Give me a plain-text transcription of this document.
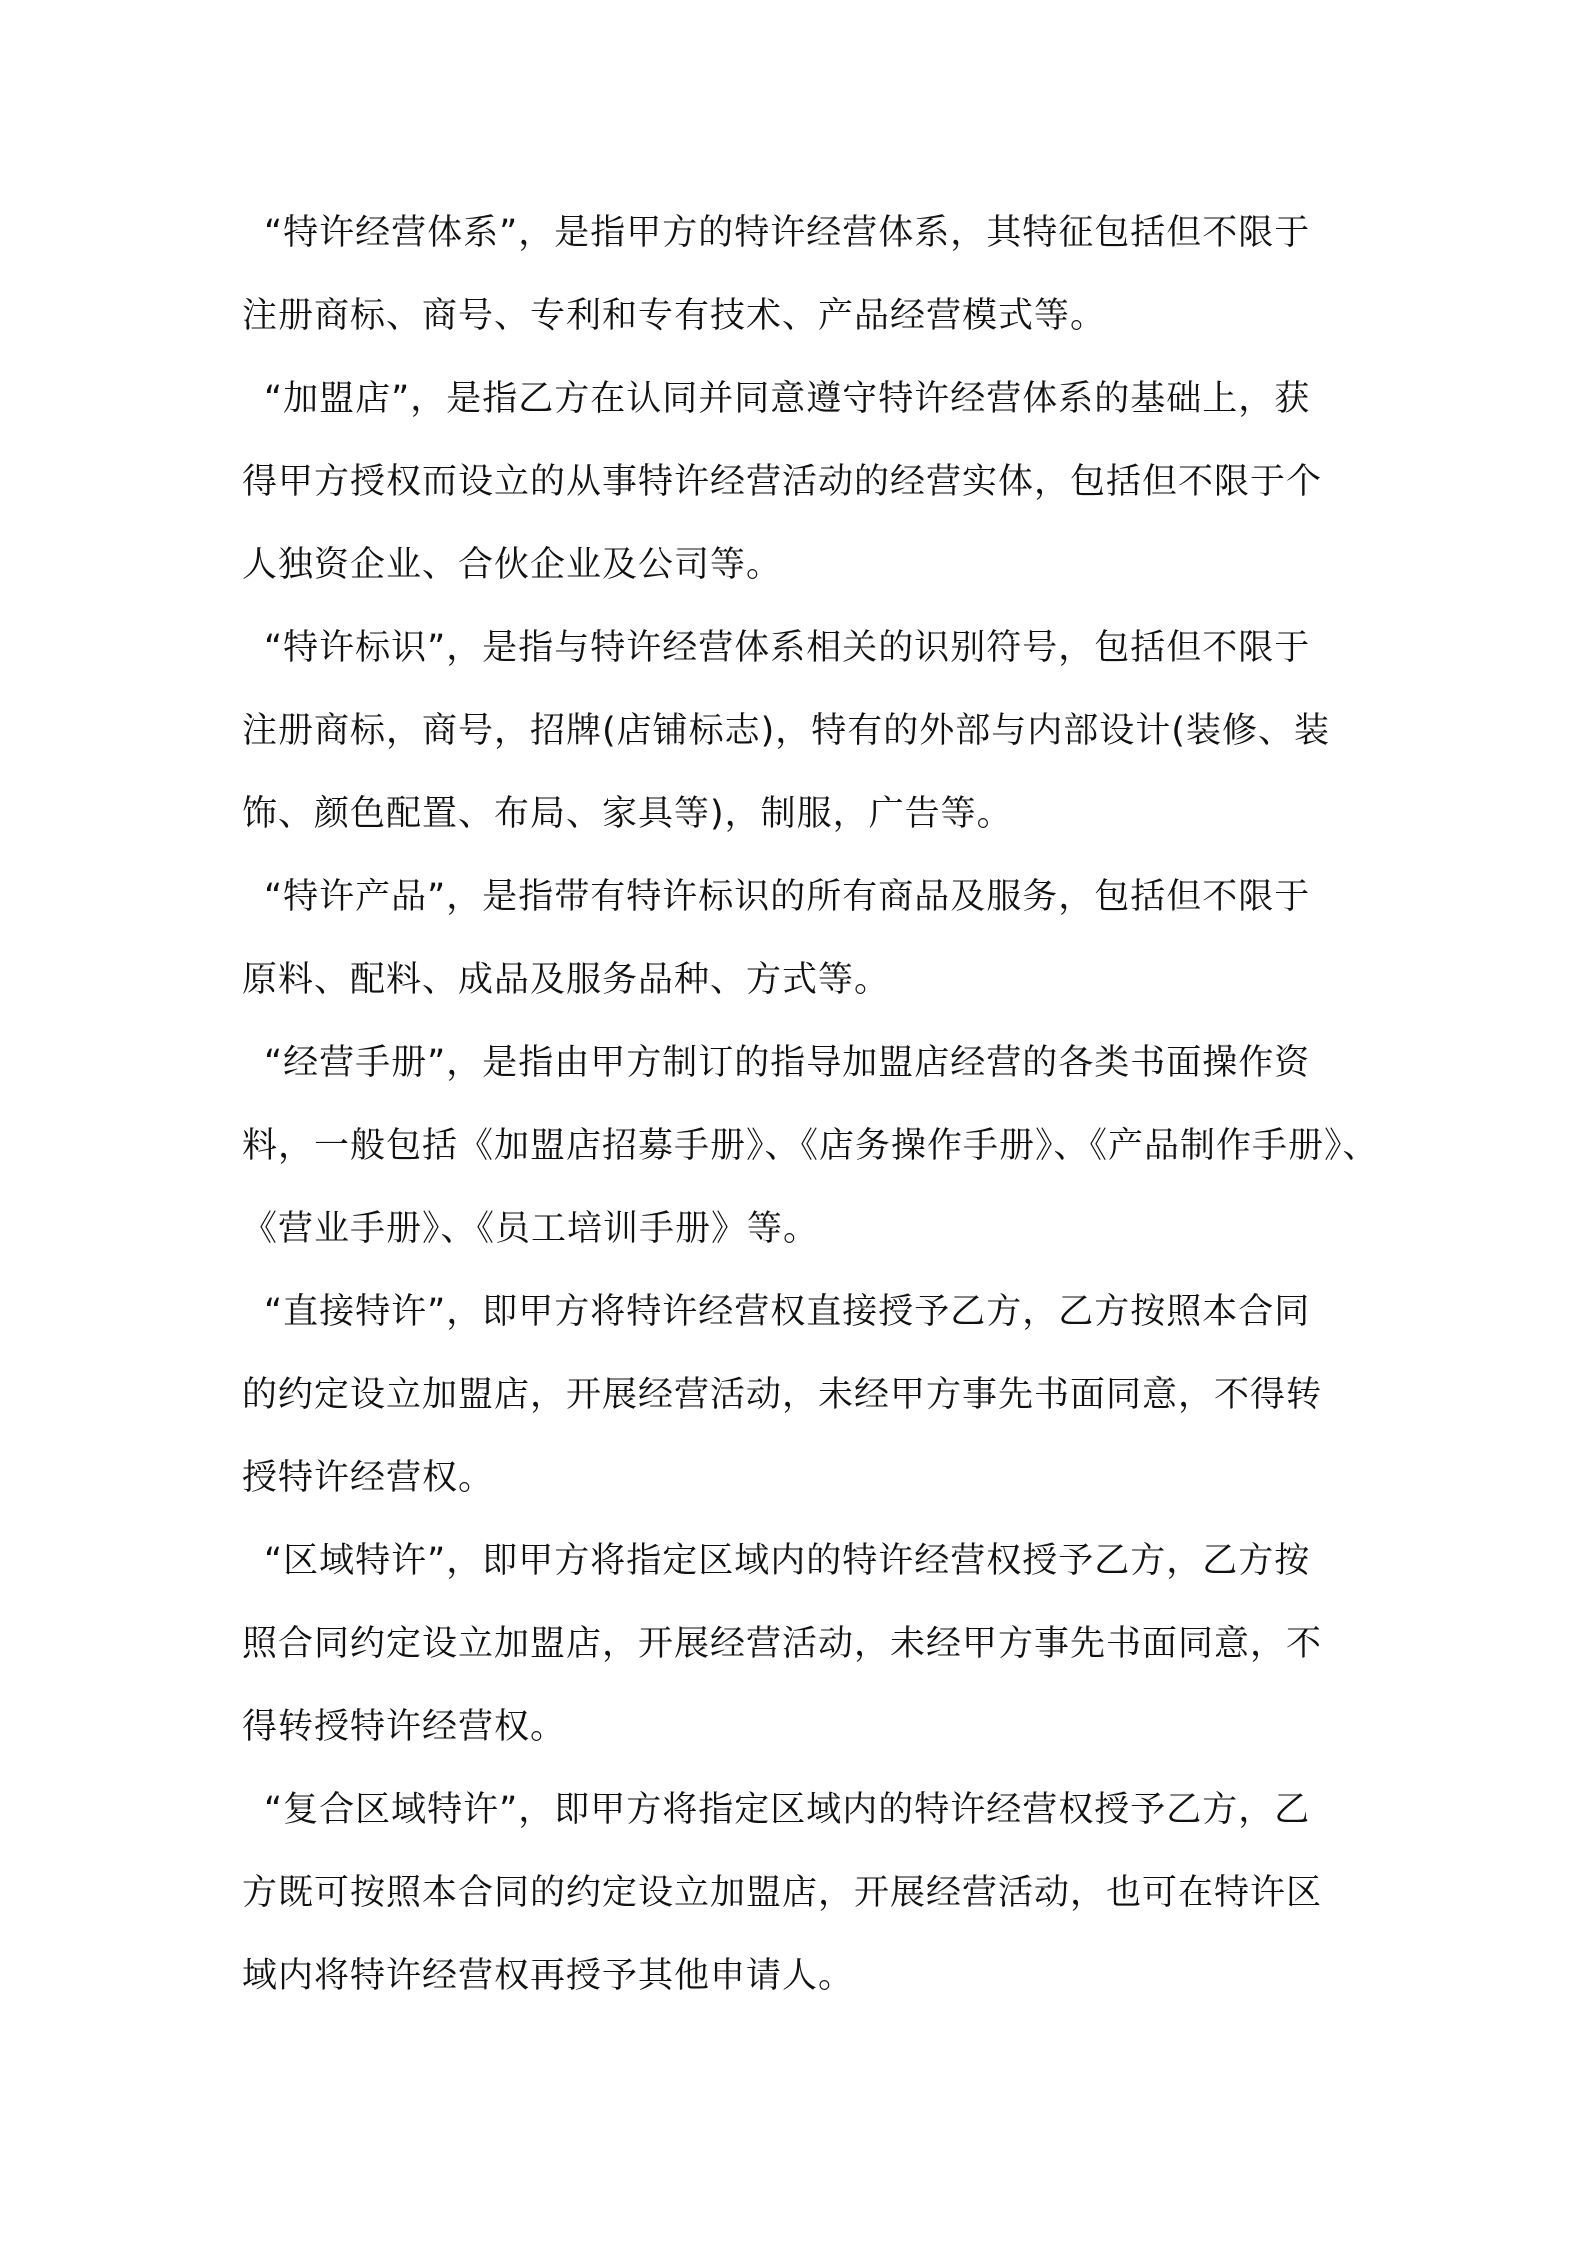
“特许经营体系”，是指甲方的特许经营体系，其特征包括但不限于
注册商标、商号、专利和专有技术、产品经营模式等。

“加盟店”，是指乙方在认同并同意遵守特许经营体系的基础上，获
得甲方授权而设立的从事特许经营活动的经营实体，包括但不限于个
人独资企业、合伙企业及公司等。

“特许标识”，是指与特许经营体系相关的识别符号，包括但不限于
注册商标，商号，招牌(店铺标志)，特有的外部与内部设计(装修、装
饰、颜色配置、布局、家具等)，制服，广告等。

“特许产品”，是指带有特许标识的所有商品及服务，包括但不限于
原料、配料、成品及服务品种、方式等。

“经营手册”，是指由甲方制订的指导加盟店经营的各类书面操作资
料，一般包括《加盟店招募手册》、《店务操作手册》、《产品制作手册》、
《营业手册》、《员工培训手册》等。

“直接特许”，即甲方将特许经营权直接授予乙方，乙方按照本合同
的约定设立加盟店，开展经营活动，未经甲方事先书面同意，不得转
授特许经营权。

“区域特许”，即甲方将指定区域内的特许经营权授予乙方，乙方按
照合同约定设立加盟店，开展经营活动，未经甲方事先书面同意，不
得转授特许经营权。

“复合区域特许”，即甲方将指定区域内的特许经营权授予乙方，乙
方既可按照本合同的约定设立加盟店，开展经营活动，也可在特许区
域内将特许经营权再授予其他申请人。
